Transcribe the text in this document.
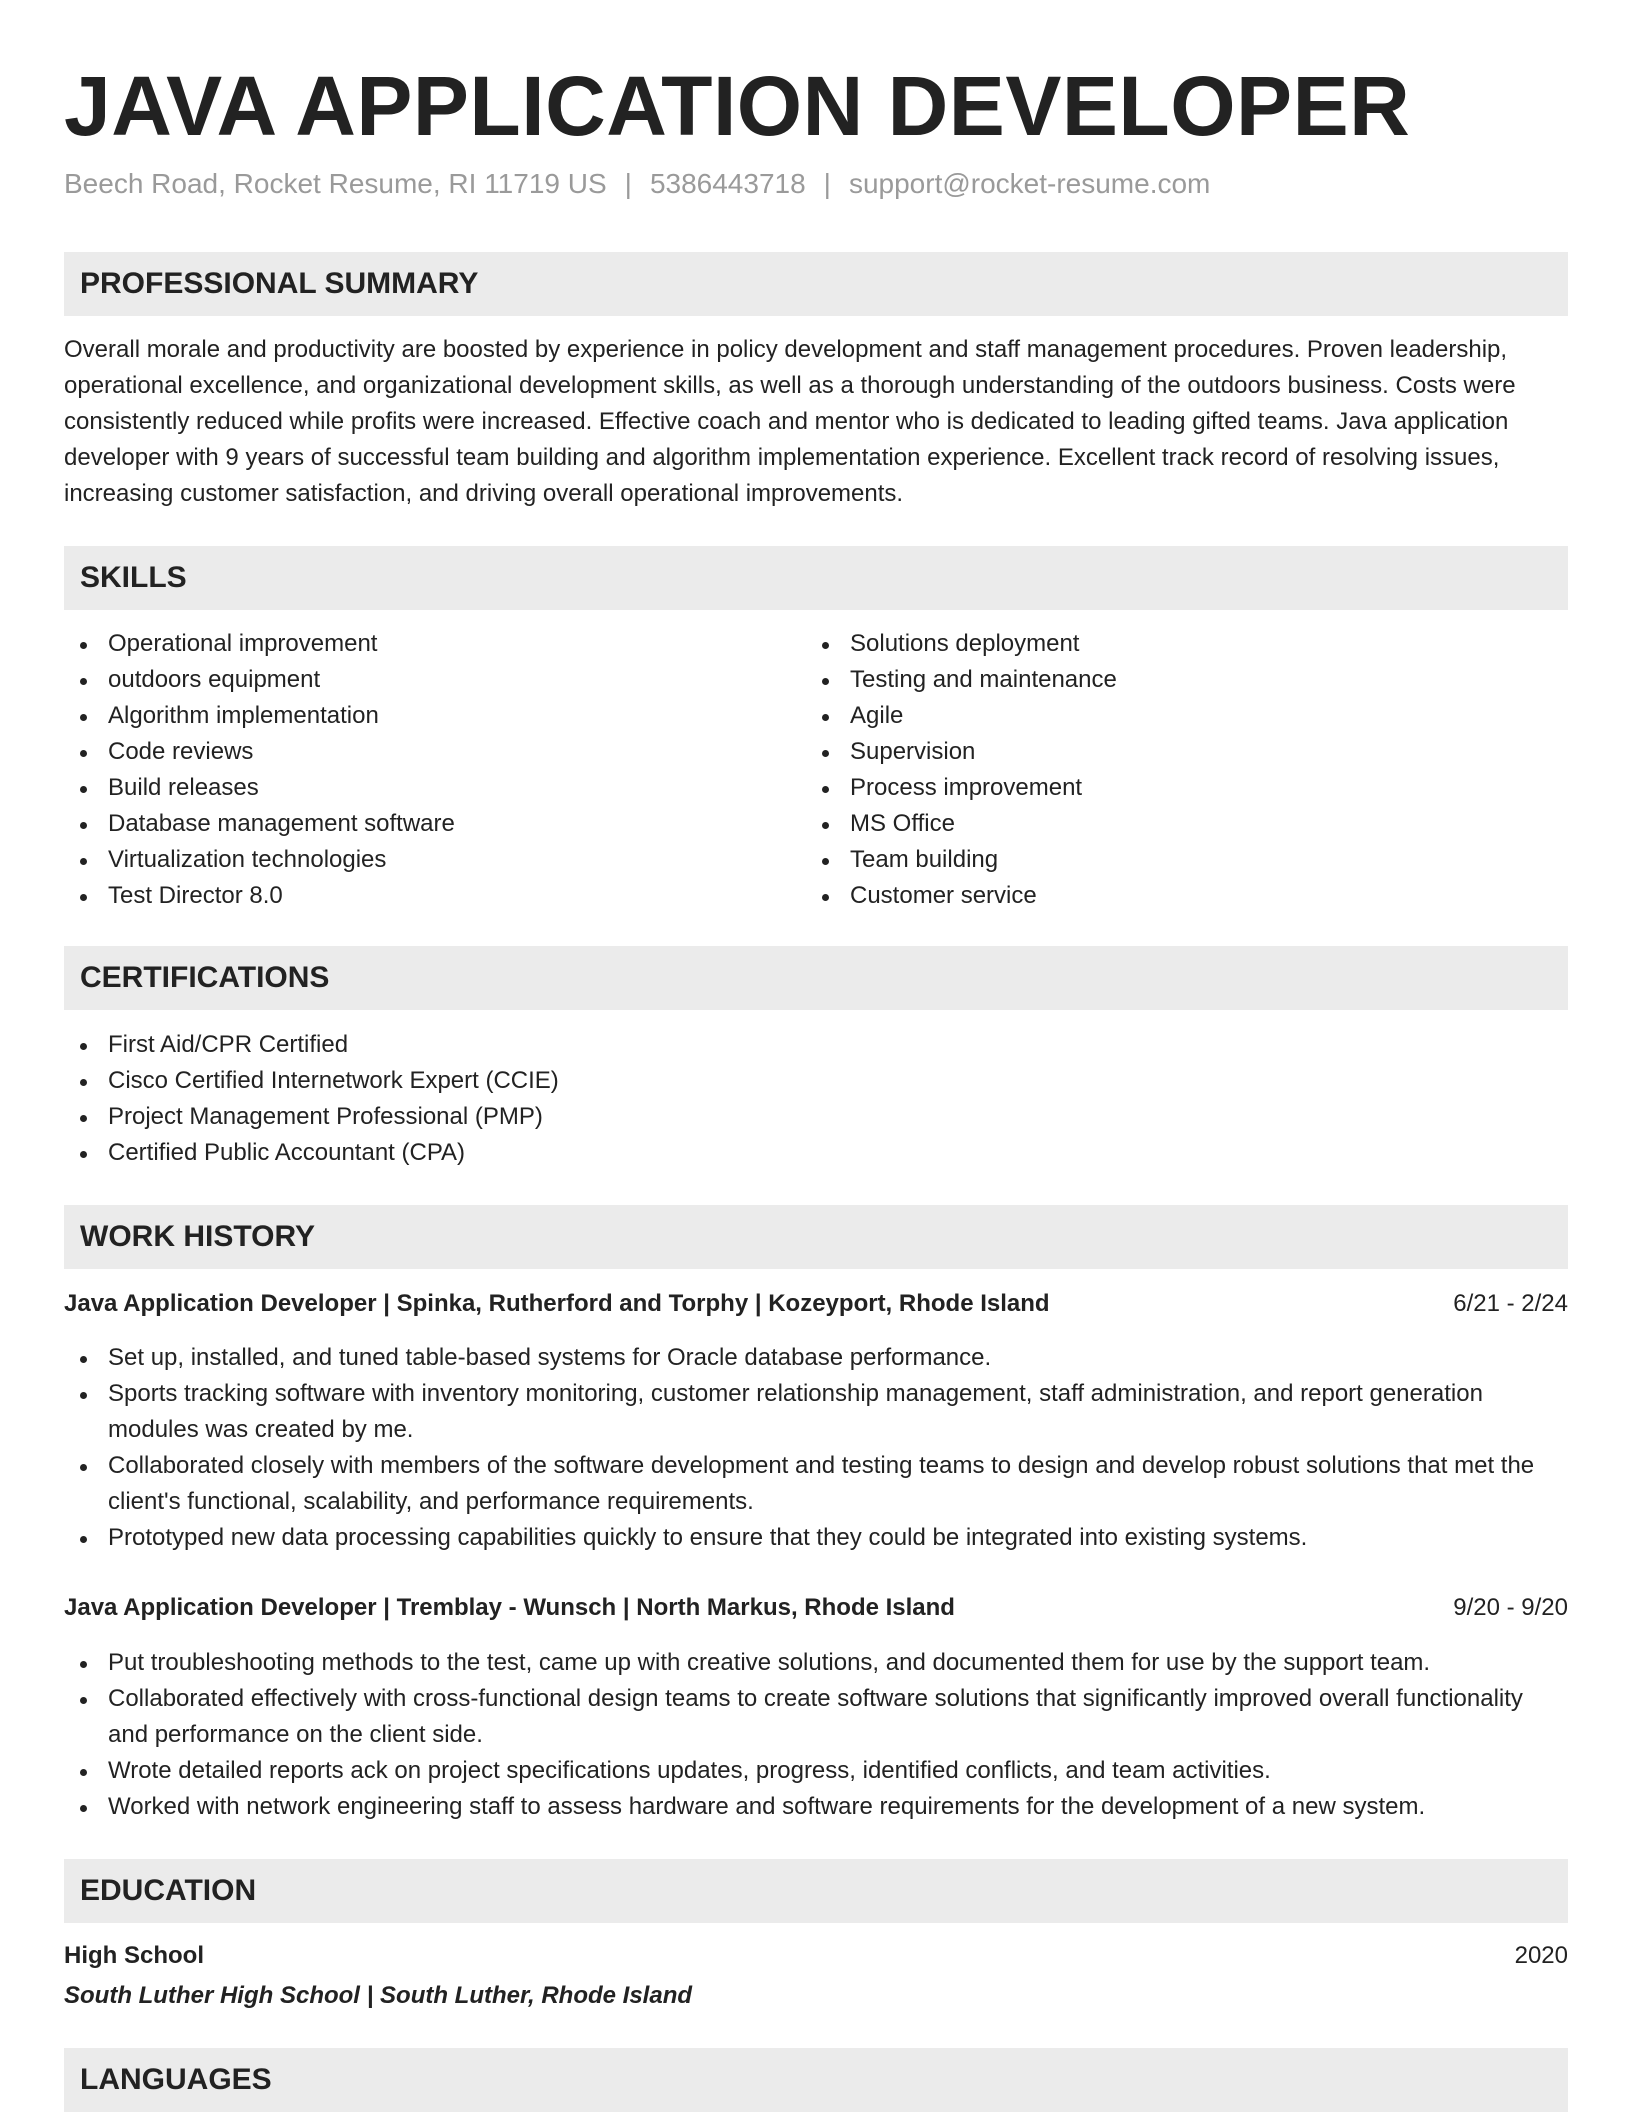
JAVA APPLICATION DEVELOPER
Beech Road, Rocket Resume, RI 11719 US | 5386443718 | support@rocket-resume.com
PROFESSIONAL SUMMARY

Overall morale and productivity are boosted by experience in policy development and staff management procedures. Proven leadership, operational excellence, and organizational development skills, as well as a thorough understanding of the outdoors business. Costs were consistently reduced while profits were increased. Effective coach and mentor who is dedicated to leading gifted teams. Java application developer with 9 years of successful team building and algorithm implementation experience. Excellent track record of resolving issues, increasing customer satisfaction, and driving overall operational improvements.

SKILLS
Operational improvement
outdoors equipment
Algorithm implementation
Code reviews
Build releases
Database management software
Virtualization technologies
Test Director 8.0
Solutions deployment
Testing and maintenance
Agile
Supervision
Process improvement
MS Office
Team building
Customer service
CERTIFICATIONS
First Aid/CPR Certified
Cisco Certified Internetwork Expert (CCIE)
Project Management Professional (PMP)
Certified Public Accountant (CPA)
WORK HISTORY
Java Application Developer | Spinka, Rutherford and Torphy | Kozeyport, Rhode Island	6/21 - 2/24
Set up, installed, and tuned table-based systems for Oracle database performance.
Sports tracking software with inventory monitoring, customer relationship management, staff administration, and report generation modules was created by me.
Collaborated closely with members of the software development and testing teams to design and develop robust solutions that met the client's functional, scalability, and performance requirements.
Prototyped new data processing capabilities quickly to ensure that they could be integrated into existing systems.
Java Application Developer | Tremblay - Wunsch | North Markus, Rhode Island	9/20 - 9/20
Put troubleshooting methods to the test, came up with creative solutions, and documented them for use by the support team.
Collaborated effectively with cross-functional design teams to create software solutions that significantly improved overall functionality and performance on the client side.
Wrote detailed reports ack on project specifications updates, progress, identified conflicts, and team activities.
Worked with network engineering staff to assess hardware and software requirements for the development of a new system.
EDUCATION
High School	2020
South Luther High School | South Luther, Rhode Island
LANGUAGES
